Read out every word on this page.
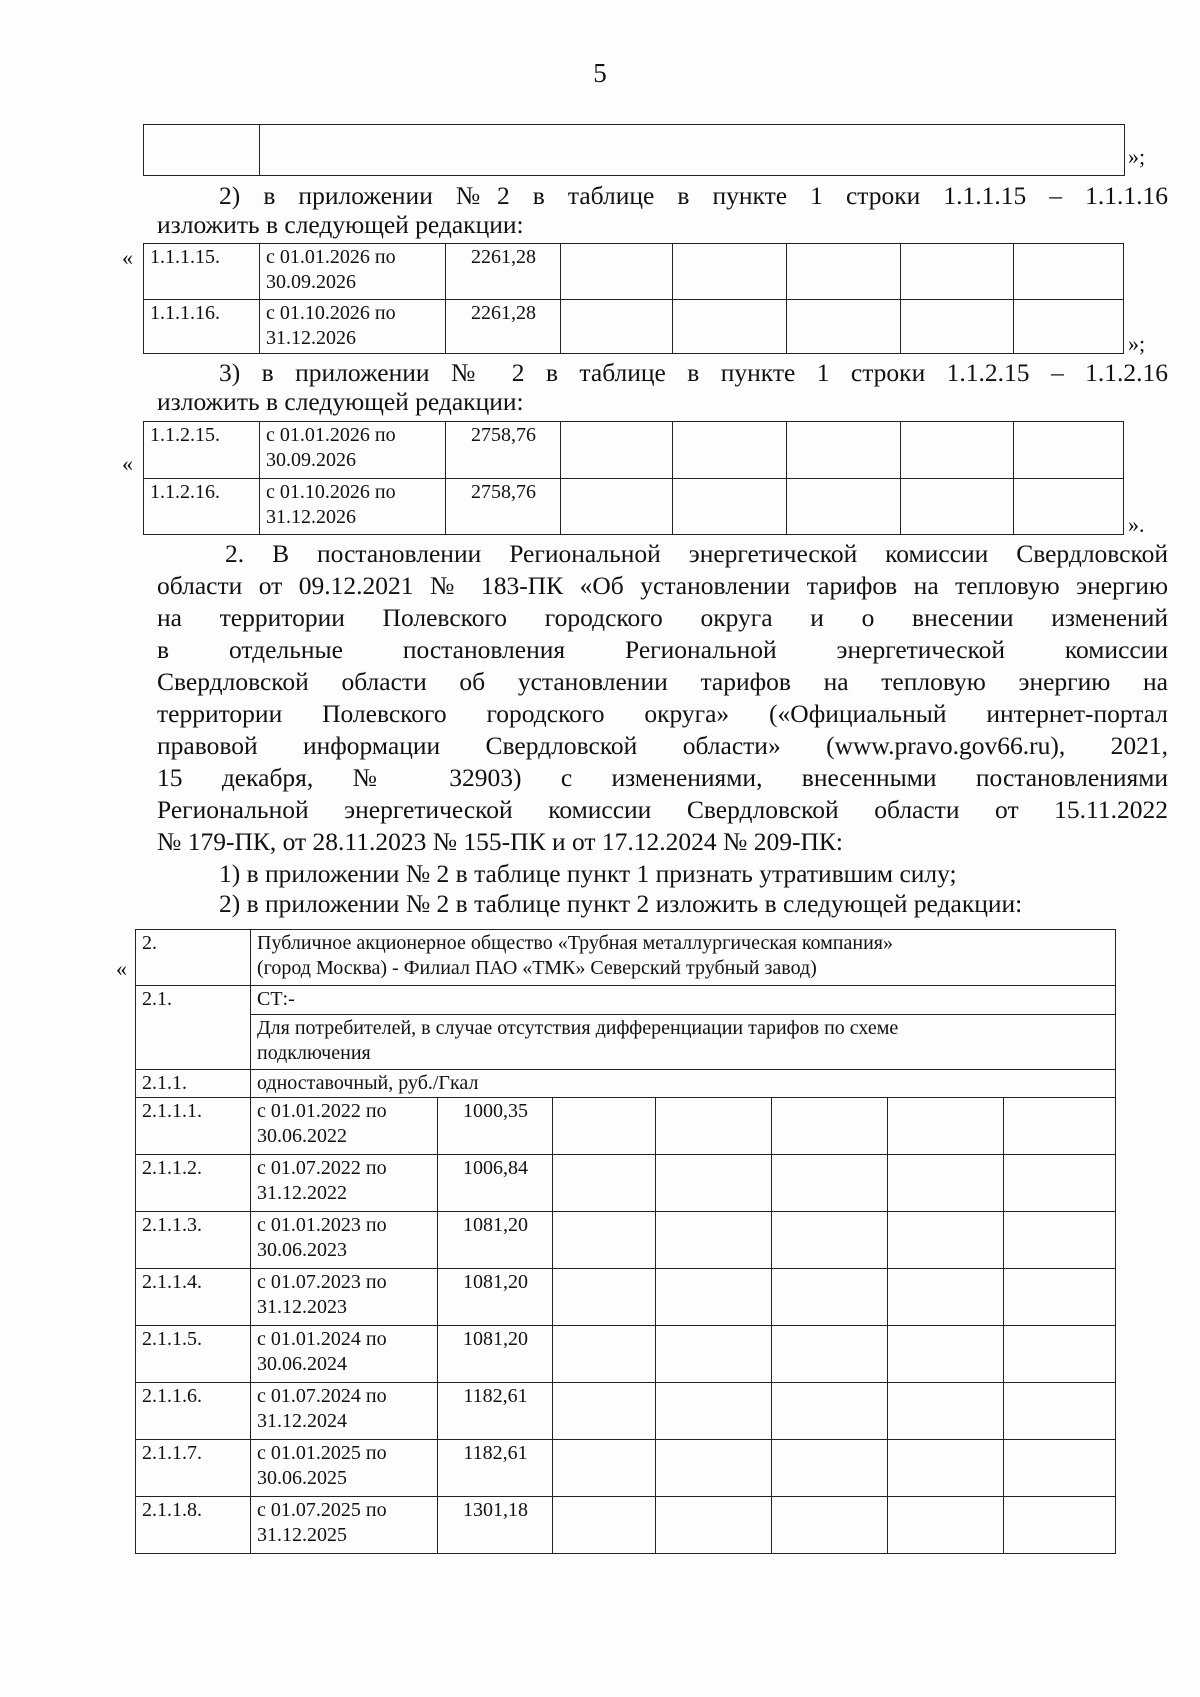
5

»;
2) в приложении №2 в таблице в пункте 1 строки 1.1.1.15 – 1.1.1.16
изложить в следующей редакции:
« 1.1.1.15.	с 01.01.2026 по
30.09.2026	2261,28					
1.1.1.16.	с 01.10.2026 по
31.12.2026	2261,28					
»;
3) в приложении № 2 в таблице в пункте 1 строки 1.1.2.15 – 1.1.2.16
изложить в следующей редакции:
«
1.1.2.15.	с 01.01.2026 по
30.09.2026	2758,76					
1.1.2.16.	с 01.10.2026 по
31.12.2026	2758,76					
».
2. В постановлении Региональной энергетической комиссии Свердловской
области от 09.12.2021 № 183-ПК «Об установлении тарифов на тепловую энергию
на территории Полевского городского округа и о внесении изменений
в отдельные постановления Региональной энергетической комиссии
Свердловской области об установлении тарифов на тепловую энергию на
территории Полевского городского округа» («Официальный интернет-портал
правовой информации Свердловской области» (www.pravo.gov66.ru), 2021,
15 декабря, № 32903) с изменениями, внесенными постановлениями
Региональной энергетической комиссии Свердловской области от 15.11.2022
№ 179-ПК, от 28.11.2023 № 155-ПК и от 17.12.2024 № 209-ПК:
1) в приложении № 2 в таблице пункт 1 признать утратившим силу;
2) в приложении № 2 в таблице пункт 2 изложить в следующей редакции:
«
2.	Публичное акционерное общество «Трубная металлургическая компания»
(город Москва) - Филиал ПАО «ТМК» Северский трубный завод)						

2.1.	СТ:-						

	Для потребителей, в случае отсутствия дифференциации тарифов по схеме
подключения						

2.1.1.	одноставочный, руб./Гкал						
2.1.1.1.	с 01.01.2022 по
30.06.2022	1000,35					
2.1.1.2.	с 01.07.2022 по
31.12.2022	1006,84					
2.1.1.3.	с 01.01.2023 по
30.06.2023	1081,20					
2.1.1.4.	с 01.07.2023 по
31.12.2023	1081,20					
2.1.1.5.	с 01.01.2024 по
30.06.2024	1081,20					
2.1.1.6.	с 01.07.2024 по
31.12.2024	1182,61					
2.1.1.7.	с 01.01.2025 по
30.06.2025	1182,61					
2.1.1.8.	с 01.07.2025 по
31.12.2025	1301,18					
